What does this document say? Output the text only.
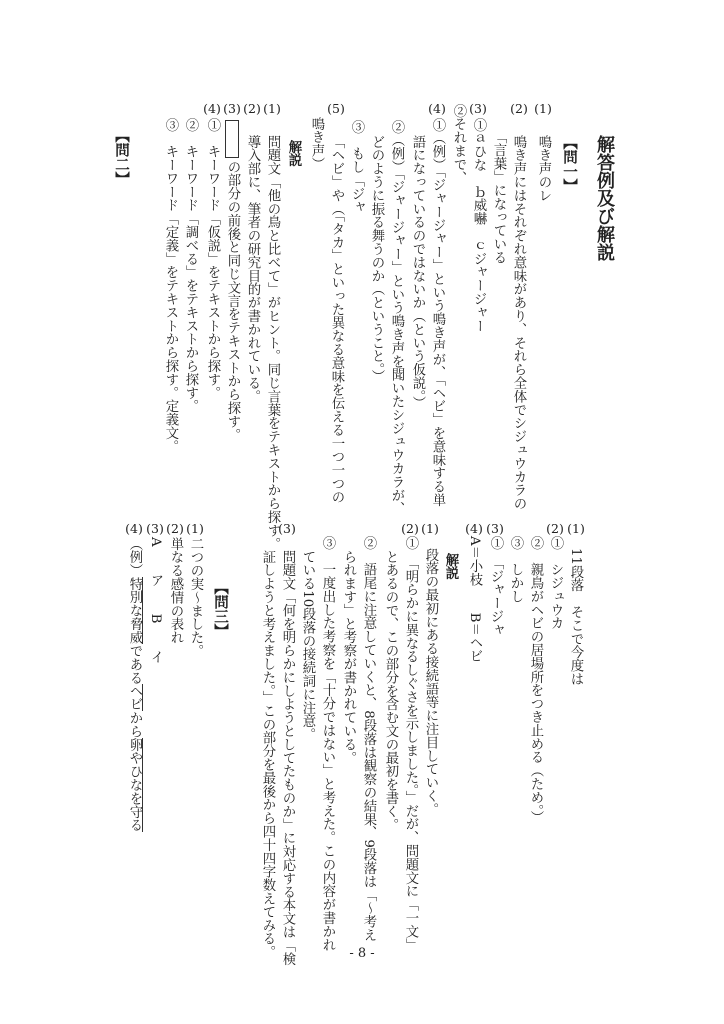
解答例及び解説
【問一】
(1)
鳴き声のレ
(2)
鳴き声にはそれぞれ意味があり、それら全体でシジュウカラの
「言葉」になっている
(3)
①ａひな　ｂ威嚇　ｃジャージャー
②それまで、
(4)
①（例）「ジャージャー」という鳴き声が、「ヘビ」を意味する単
語になっているのではないか（という仮説。）
②（例）「ジャージャー」という鳴き声を聞いたシジュウカラが、
どのように振る舞うのか（ということ。）
③　もし「ジャ
(5)
「ヘビ」や（「タカ」といった異なる意味を伝える一つ一つの
鳴き声）
解説
(1)
問題文「他の鳥と比べて」がヒント。同じ言葉をテキストから探す。
(2)
導入部に、筆者の研究目的が書かれている。
(3)
の部分の前後と同じ文言をテキストから探す。
(4)
①　キーワード「仮説」をテキストから探す。
②　キーワード「調べる」をテキストから探す。
③　キーワード「定義」をテキストから探す。定義文。
【問二】
(1)
11段落　そこで今度は
(2)
①　シジュウカ
②　親鳥がヘビの居場所をつき止める（ため。）
③　しかし
(3)
①　「ジャージャ
(4)
A＝小枝　　B＝ヘビ
解説
(1)
段落の最初にある接続語等に注目していく。
(2)
①　「明らかに異なるしぐさを示しました。」だが、問題文に「一文」
とあるので、この部分を含む文の最初を書く。
②　語尾に注意していくと、8段落は観察の結果、9段落は「～考え
られます」と考察が書かれている。
③　一度出した考察を「十分ではない」と考えた。この内容が書かれ
ている10段落の接続詞に注意。
(3)
問題文「何を明らかにしようとしてたものか」に対応する本文は「検
証しようと考えました。」この部分を最後から四十四字数えてみる。
【問三】
(1)
二つの実～ました。
(2)
単なる感情の表れ
(3)
A　　ア　　B　　イ
(4)
（例）特別な脅威であるヘビから卵やひなを守る
- 8 -
